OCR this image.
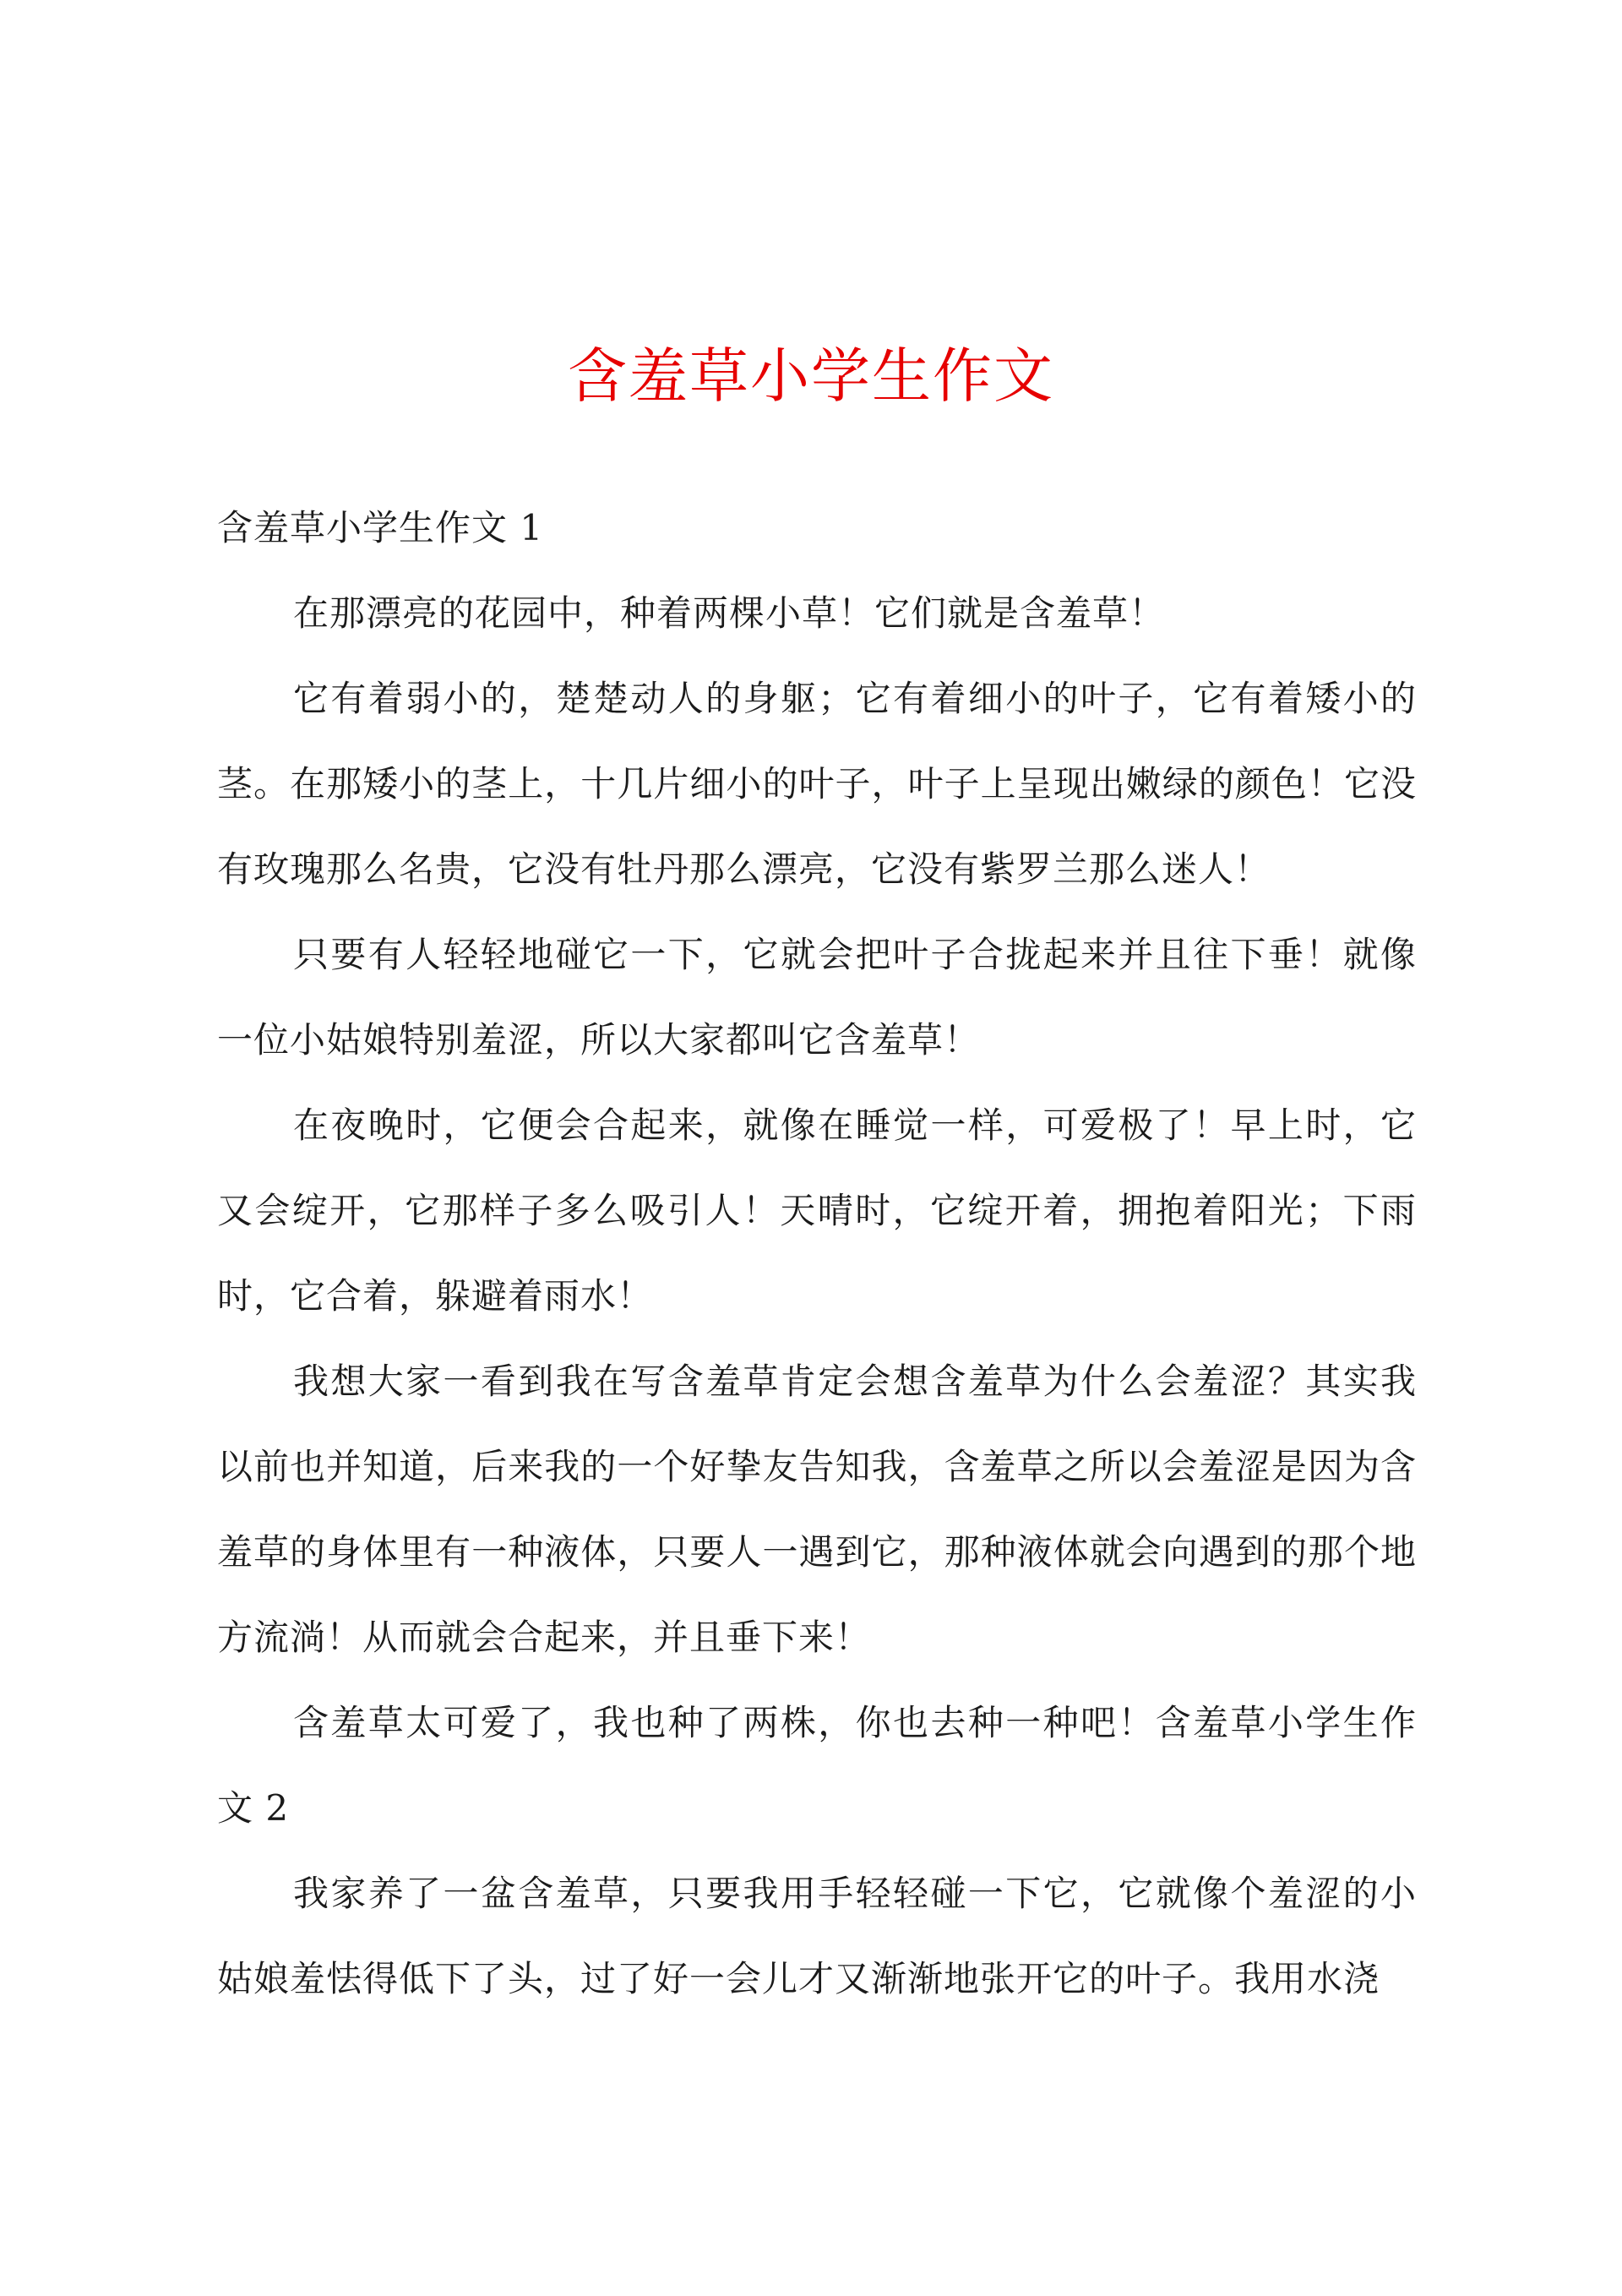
含羞草小学生作文

含羞草小学生作文 1

在那漂亮的花园中，种着两棵小草！它们就是含羞草！

它有着弱小的，楚楚动人的身躯；它有着细小的叶子，它有着矮小的茎。在那矮小的茎上，十几片细小的叶子，叶子上呈现出嫩绿的颜色！它没有玫瑰那么名贵，它没有牡丹那么漂亮，它没有紫罗兰那么迷人！

只要有人轻轻地碰它一下，它就会把叶子合拢起来并且往下垂！就像一位小姑娘特别羞涩，所以大家都叫它含羞草！

在夜晚时，它便会合起来，就像在睡觉一样，可爱极了！早上时，它又会绽开，它那样子多么吸引人！天晴时，它绽开着，拥抱着阳光；下雨时，它合着，躲避着雨水！

我想大家一看到我在写含羞草肯定会想含羞草为什么会羞涩？其实我以前也并知道，后来我的一个好挚友告知我，含羞草之所以会羞涩是因为含羞草的身体里有一种液体，只要人一遇到它，那种液体就会向遇到的那个地方流淌！从而就会合起来，并且垂下来！

含羞草太可爱了，我也种了两株，你也去种一种吧！含羞草小学生作文 2

我家养了一盆含羞草，只要我用手轻轻碰一下它，它就像个羞涩的小姑娘羞怯得低下了头，过了好一会儿才又渐渐地张开它的叶子。我用水浇
